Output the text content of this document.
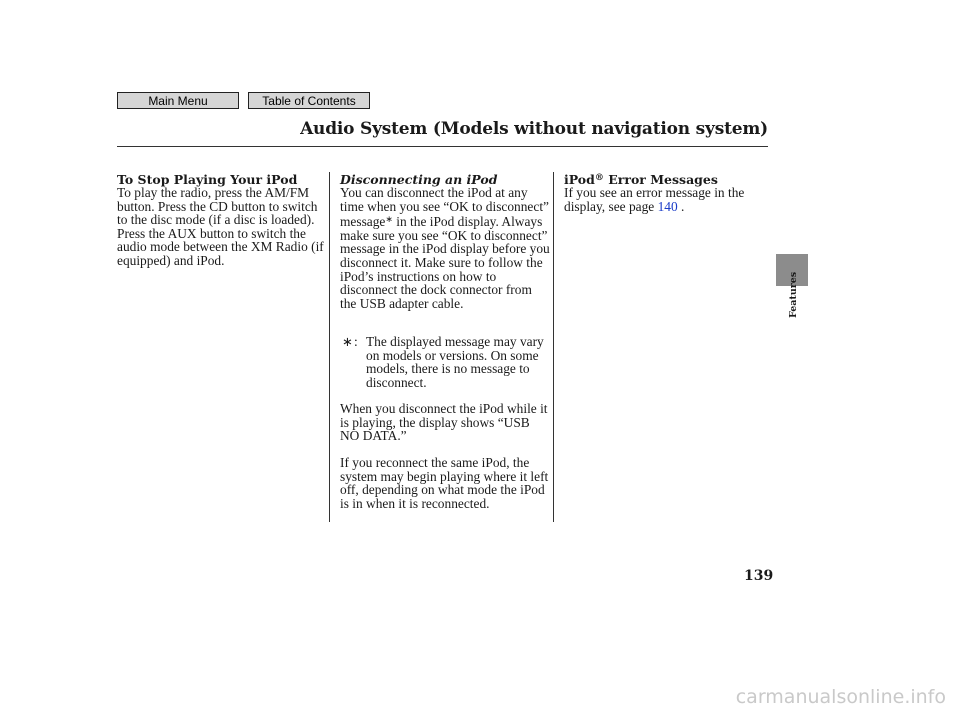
Main Menu	Table of Contents
Audio System (Models without navigation system)
To Stop Playing Your iPod

To play the radio, press the AM/FM button. Press the CD button to switch to the disc mode (if a disc is loaded). Press the AUX button to switch the audio mode between the XM Radio (if equipped) and iPod.

Disconnecting an iPod

You can disconnect the iPod at any time when you see “OK to disconnect” message∗ in the iPod display. Always make sure you see “OK to disconnect” message in the iPod display before you disconnect it. Make sure to follow the iPod’s instructions on how to disconnect the dock connector from the USB adapter cable.

∗ : The displayed message may vary on models or versions. On some models, there is no message to disconnect.

When you disconnect the iPod while it is playing, the display shows “USB NO DATA.”

If you reconnect the same iPod, the system may begin playing where it left off, depending on what mode the iPod is in when it is reconnected.

iPod® Error Messages

If you see an error message in the display, see page 140 .

Features
139
carmanualsonline.info
